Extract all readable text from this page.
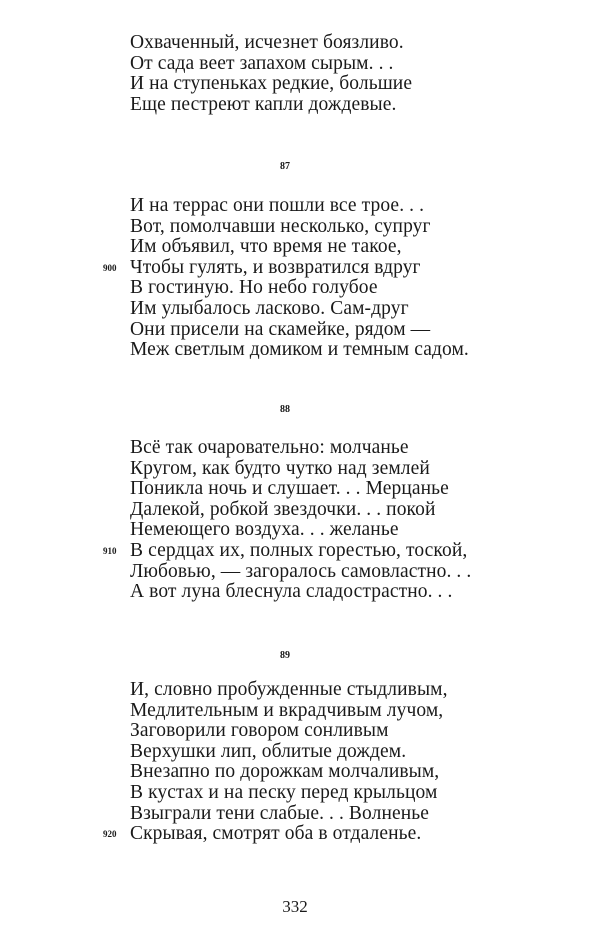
Охваченный, исчезнет боязливо.
От сада веет запахом сырым. . .
И на ступеньках редкие, большие
Еще пестреют капли дождевые.
87
И на террас они пошли все трое. . .
Вот, помолчавши несколько, супруг
Им объявил, что время не такое,
900 Чтобы гулять, и возвратился вдруг
В гостиную. Но небо голубое
Им улыбалось ласково. Сам-друг
Они присели на скамейке, рядом —
Меж светлым домиком и темным садом.
88
Всё так очаровательно: молчанье
Кругом, как будто чутко над землей
Поникла ночь и слушает. . . Мерцанье
Далекой, робкой звездочки. . . покой
Немеющего воздуха. . . желанье
910 В сердцах их, полных горестью, тоской,
Любовью, — загоралось самовластно. . .
А вот луна блеснула сладострастно. . .
89
И, словно пробужденные стыдливым,
Медлительным и вкрадчивым лучом,
Заговорили говором сонливым
Верхушки лип, облитые дождем.
Внезапно по дорожкам молчаливым,
В кустах и на песку перед крыльцом
Взыграли тени слабые. . . Волненье
920 Скрывая, смотрят оба в отдаленье.
332
